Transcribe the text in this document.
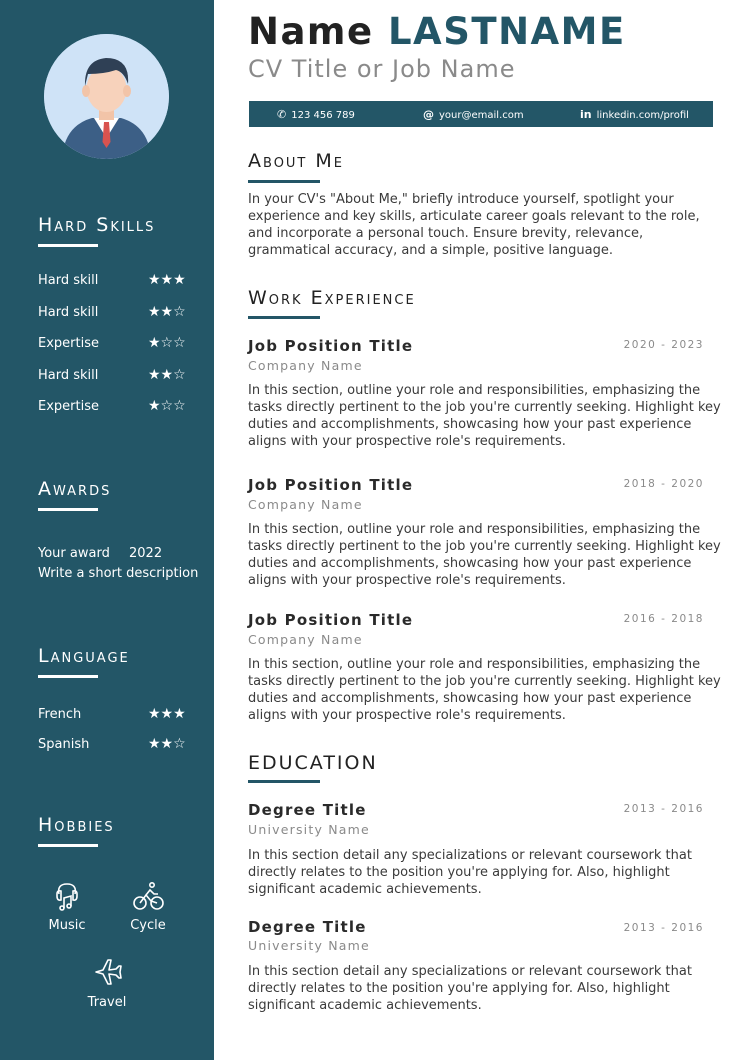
Hard Skills
Hard skill	★★★
Hard skill	★★☆
Expertise	★☆☆
Hard skill	★★☆
Expertise	★☆☆
Awards
Your award 2022
Write a short description
Language
French	★★★
Spanish	★★☆
Hobbies
Music	Cycle
Travel
Name LASTNAME
CV Title or Job Name
✆ 123 456 789	@ your@email.com	in linkedin.com/profil
About Me
In your CV's "About Me," briefly introduce yourself, spotlight your experience and key skills, articulate career goals relevant to the role, and incorporate a personal touch. Ensure brevity, relevance, grammatical accuracy, and a simple, positive language.
Work Experience
Job Position Title	2020 - 2023
Company Name
In this section, outline your role and responsibilities, emphasizing the tasks directly pertinent to the job you're currently seeking. Highlight key duties and accomplishments, showcasing how your past experience aligns with your prospective role's requirements.
Job Position Title	2018 - 2020
Company Name
In this section, outline your role and responsibilities, emphasizing the tasks directly pertinent to the job you're currently seeking. Highlight key duties and accomplishments, showcasing how your past experience aligns with your prospective role's requirements.
Job Position Title	2016 - 2018
Company Name
In this section, outline your role and responsibilities, emphasizing the tasks directly pertinent to the job you're currently seeking. Highlight key duties and accomplishments, showcasing how your past experience aligns with your prospective role's requirements.
EDUCATION
Degree Title	2013 - 2016
University Name
In this section detail any specializations or relevant coursework that directly relates to the position you're applying for. Also, highlight significant academic achievements.
Degree Title	2013 - 2016
University Name
In this section detail any specializations or relevant coursework that directly relates to the position you're applying for. Also, highlight significant academic achievements.
